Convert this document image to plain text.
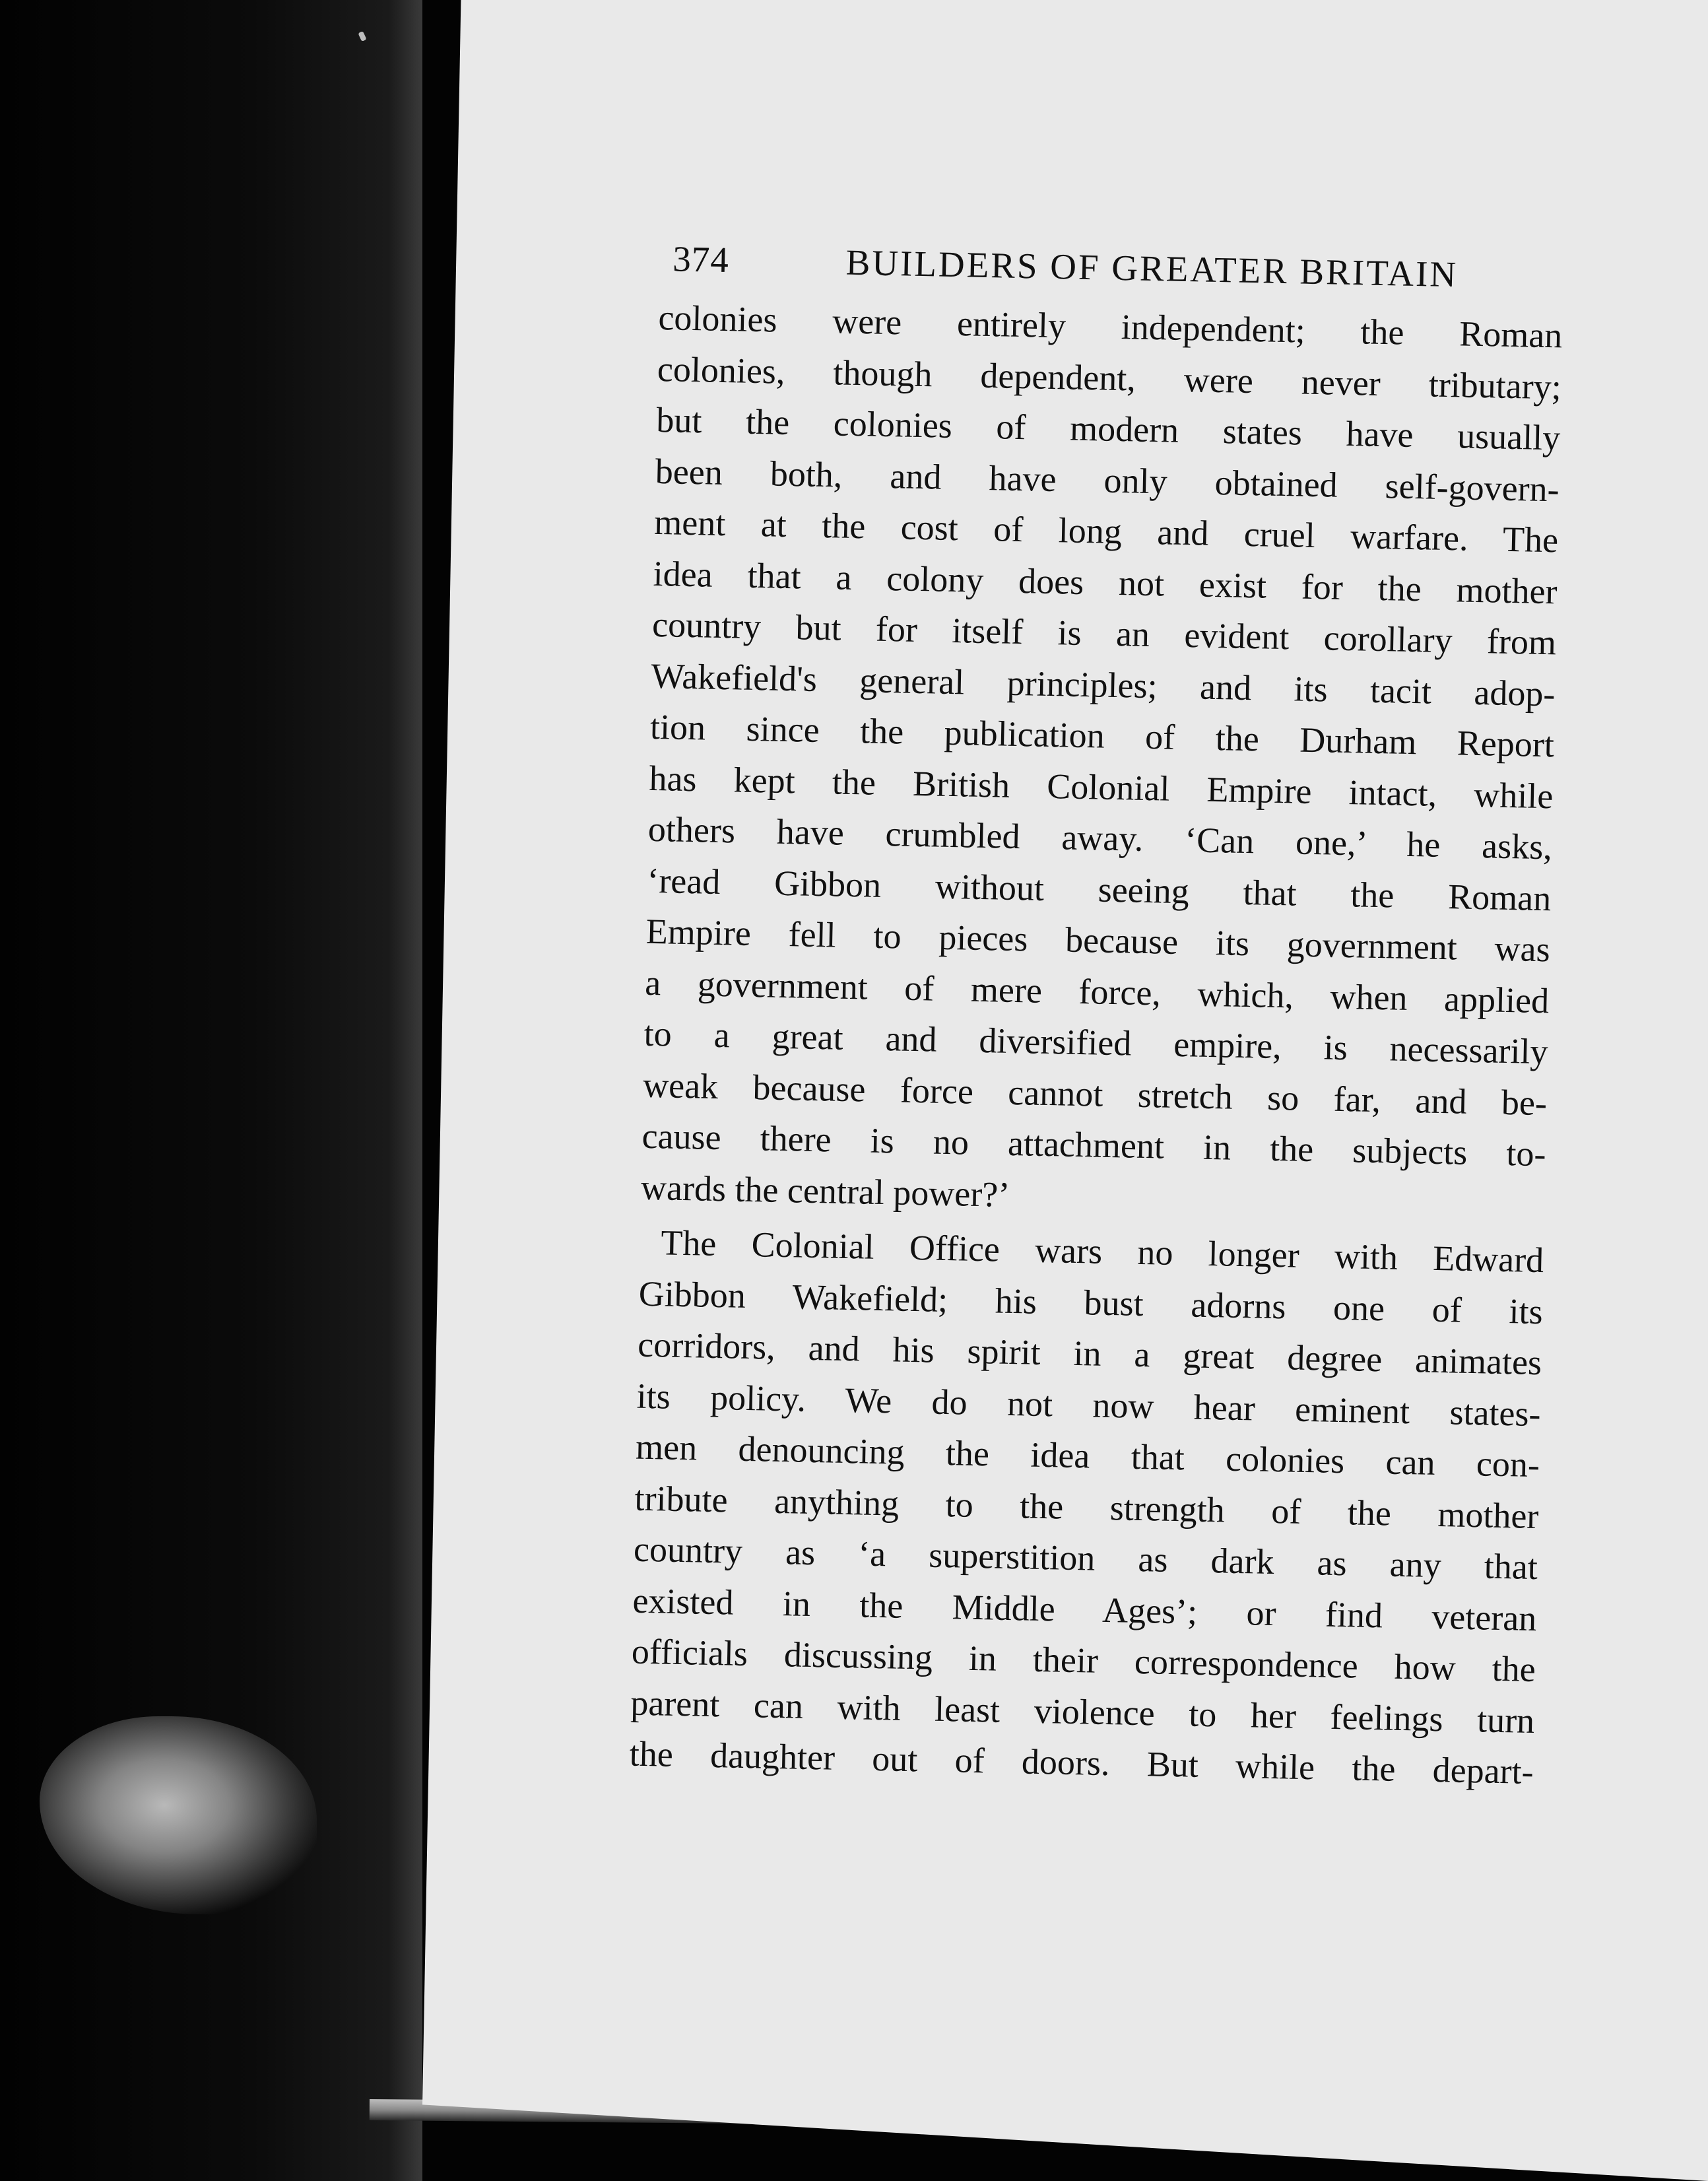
374	BUILDERS OF GREATER BRITAIN
colonies were entirely independent; the Roman
colonies, though dependent, were never tributary;
but the colonies of modern states have usually
been both, and have only obtained self-govern-
ment at the cost of long and cruel warfare. The
idea that a colony does not exist for the mother
country but for itself is an evident corollary from
Wakefield's general principles; and its tacit adop-
tion since the publication of the Durham Report
has kept the British Colonial Empire intact, while
others have crumbled away. ‘Can one,’ he asks,
‘read Gibbon without seeing that the Roman
Empire fell to pieces because its government was
a government of mere force, which, when applied
to a great and diversified empire, is necessarily
weak because force cannot stretch so far, and be-
cause there is no attachment in the subjects to-
wards the central power?’
The Colonial Office wars no longer with Edward
Gibbon Wakefield; his bust adorns one of its
corridors, and his spirit in a great degree animates
its policy. We do not now hear eminent states-
men denouncing the idea that colonies can con-
tribute anything to the strength of the mother
country as ‘a superstition as dark as any that
existed in the Middle Ages’; or find veteran
officials discussing in their correspondence how the
parent can with least violence to her feelings turn
the daughter out of doors. But while the depart-
